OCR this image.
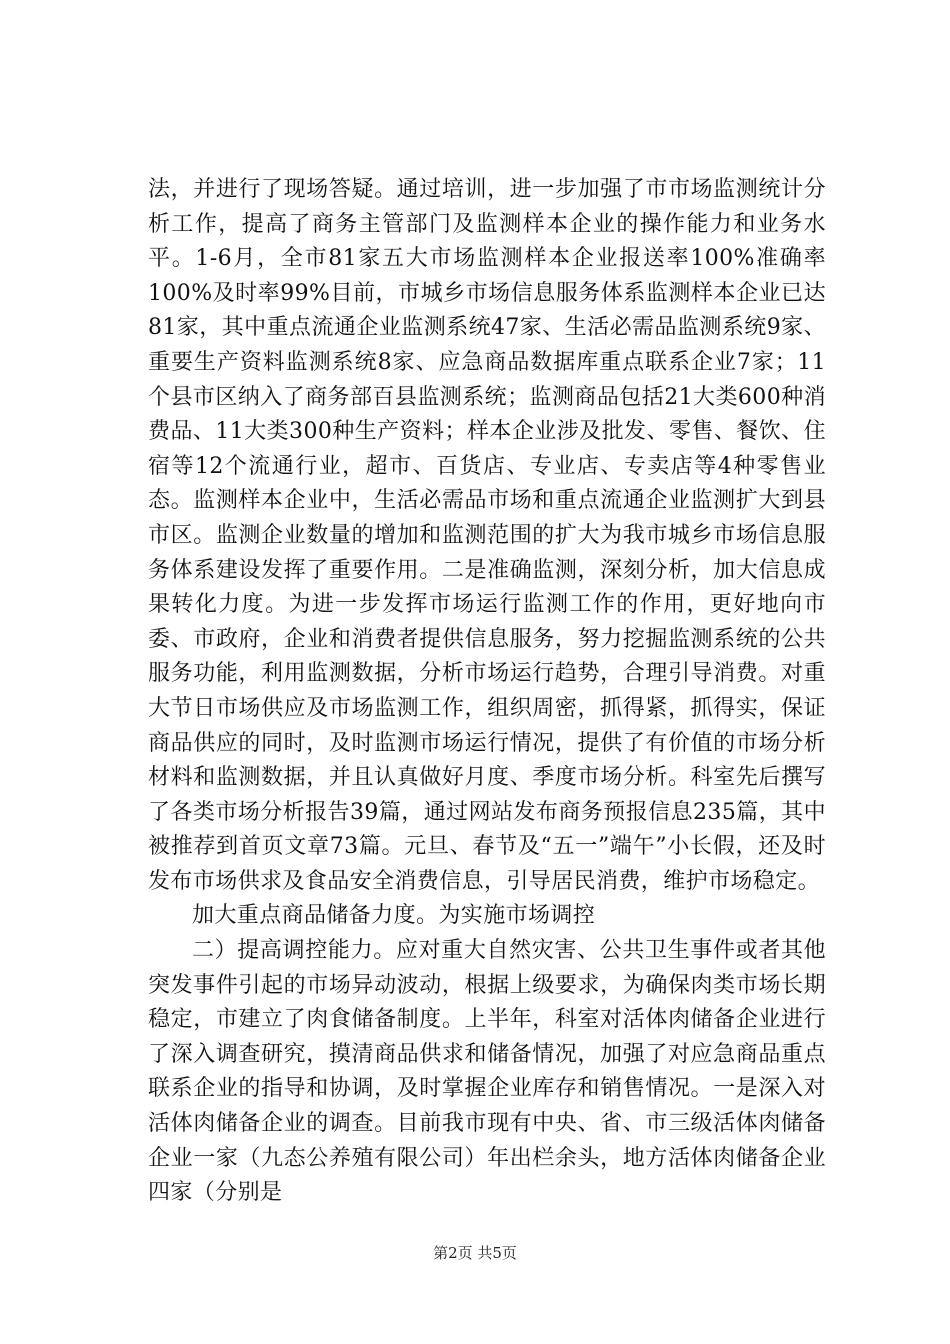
法，并进行了现场答疑。通过培训，进一步加强了市市场监测统计分析工作，提高了商务主管部门及监测样本企业的操作能力和业务水平。1-6月，全市81家五大市场监测样本企业报送率100%准确率100%及时率99%目前，市城乡市场信息服务体系监测样本企业已达81家，其中重点流通企业监测系统47家、生活必需品监测系统9家、重要生产资料监测系统8家、应急商品数据库重点联系企业7家；11个县市区纳入了商务部百县监测系统；监测商品包括21大类600种消费品、11大类300种生产资料；样本企业涉及批发、零售、餐饮、住宿等12个流通行业，超市、百货店、专业店、专卖店等4种零售业态。监测样本企业中，生活必需品市场和重点流通企业监测扩大到县市区。监测企业数量的增加和监测范围的扩大为我市城乡市场信息服务体系建设发挥了重要作用。二是准确监测，深刻分析，加大信息成果转化力度。为进一步发挥市场运行监测工作的作用，更好地向市委、市政府，企业和消费者提供信息服务，努力挖掘监测系统的公共服务功能，利用监测数据，分析市场运行趋势，合理引导消费。对重大节日市场供应及市场监测工作，组织周密，抓得紧，抓得实，保证商品供应的同时，及时监测市场运行情况，提供了有价值的市场分析材料和监测数据，并且认真做好月度、季度市场分析。科室先后撰写了各类市场分析报告39篇，通过网站发布商务预报信息235篇，其中被推荐到首页文章73篇。元旦、春节及“五一”端午”小长假，还及时发布市场供求及食品安全消费信息，引导居民消费，维护市场稳定。

加大重点商品储备力度。为实施市场调控

二）提高调控能力。应对重大自然灾害、公共卫生事件或者其他突发事件引起的市场异动波动，根据上级要求，为确保肉类市场长期稳定，市建立了肉食储备制度。上半年，科室对活体肉储备企业进行了深入调查研究，摸清商品供求和储备情况，加强了对应急商品重点联系企业的指导和协调，及时掌握企业库存和销售情况。一是深入对活体肉储备企业的调查。目前我市现有中央、省、市三级活体肉储备企业一家（九态公养殖有限公司）年出栏余头，地方活体肉储备企业四家（分别是

第2页 共5页
